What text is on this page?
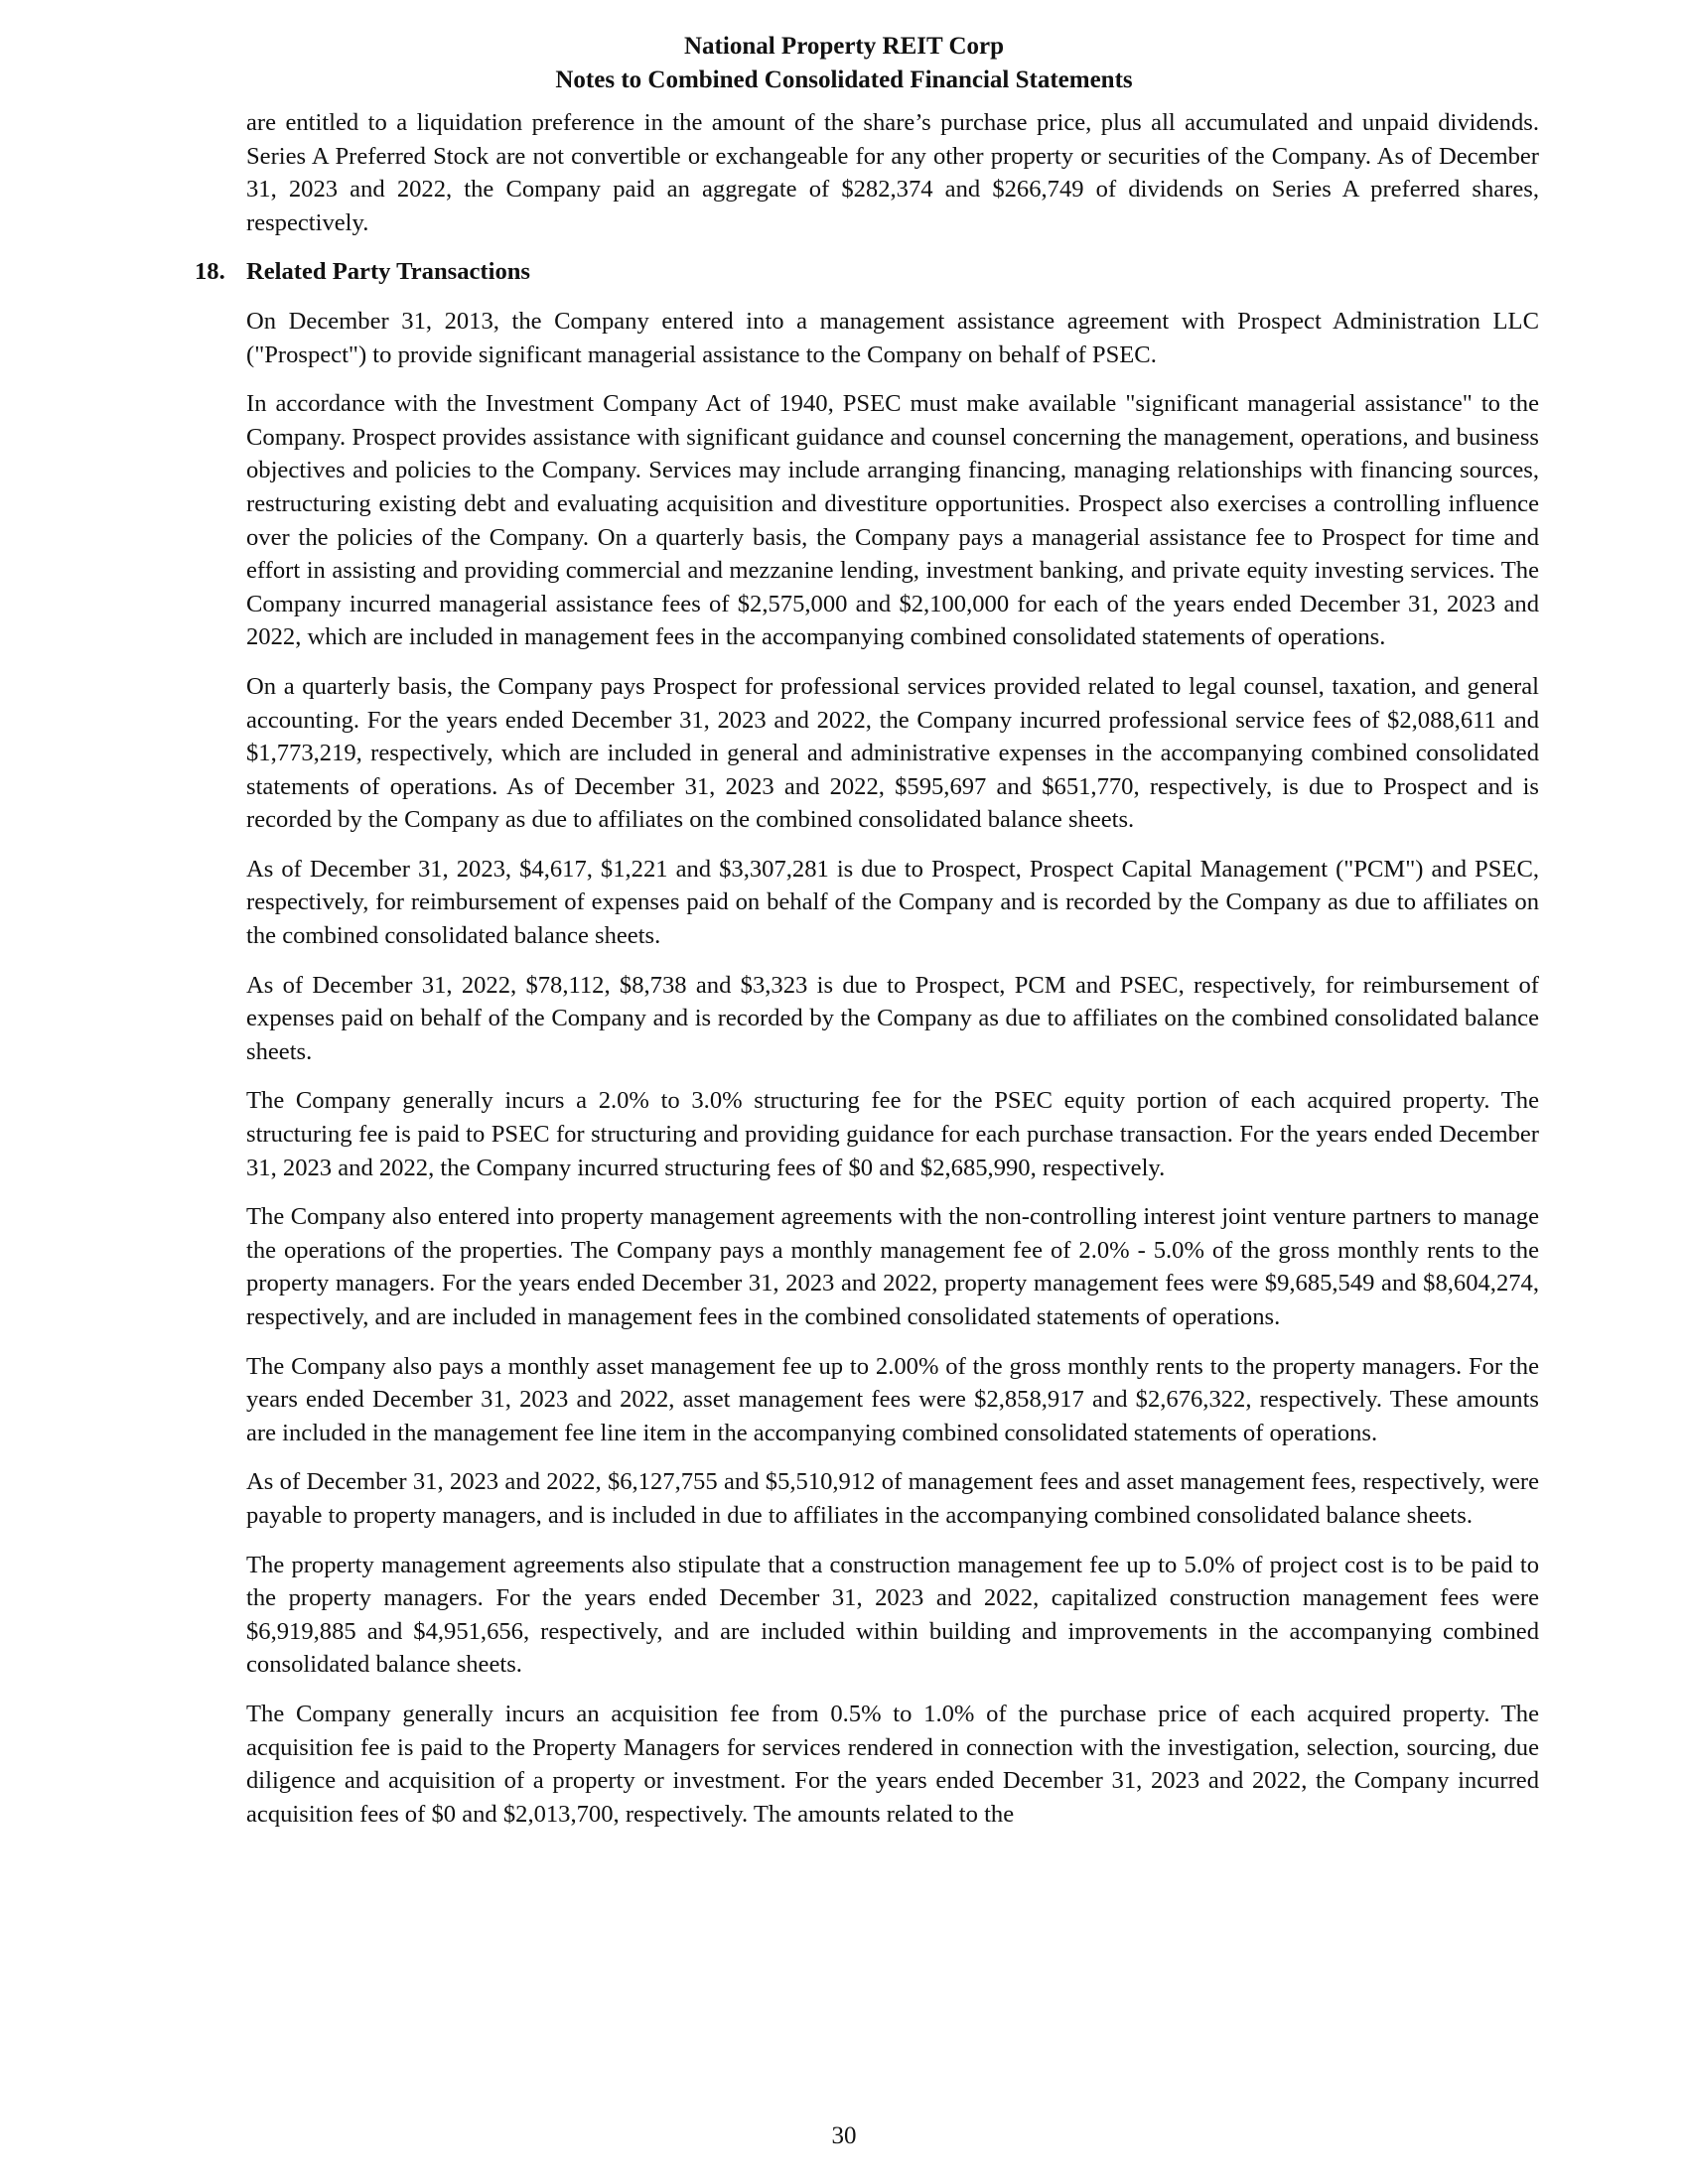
National Property REIT Corp
Notes to Combined Consolidated Financial Statements

are entitled to a liquidation preference in the amount of the share’s purchase price, plus all accumulated and unpaid dividends. Series A Preferred Stock are not convertible or exchangeable for any other property or securities of the Company. As of December 31, 2023 and 2022, the Company paid an aggregate of $282,374 and $266,749 of dividends on Series A preferred shares, respectively.

18. Related Party Transactions

On December 31, 2013, the Company entered into a management assistance agreement with Prospect Administration LLC ("Prospect") to provide significant managerial assistance to the Company on behalf of PSEC.

In accordance with the Investment Company Act of 1940, PSEC must make available "significant managerial assistance" to the Company. Prospect provides assistance with significant guidance and counsel concerning the management, operations, and business objectives and policies to the Company. Services may include arranging financing, managing relationships with financing sources, restructuring existing debt and evaluating acquisition and divestiture opportunities. Prospect also exercises a controlling influence over the policies of the Company. On a quarterly basis, the Company pays a managerial assistance fee to Prospect for time and effort in assisting and providing commercial and mezzanine lending, investment banking, and private equity investing services. The Company incurred managerial assistance fees of $2,575,000 and $2,100,000 for each of the years ended December 31, 2023 and 2022, which are included in management fees in the accompanying combined consolidated statements of operations.

On a quarterly basis, the Company pays Prospect for professional services provided related to legal counsel, taxation, and general accounting. For the years ended December 31, 2023 and 2022, the Company incurred professional service fees of $2,088,611 and $1,773,219, respectively, which are included in general and administrative expenses in the accompanying combined consolidated statements of operations. As of December 31, 2023 and 2022, $595,697 and $651,770, respectively, is due to Prospect and is recorded by the Company as due to affiliates on the combined consolidated balance sheets.

As of December 31, 2023, $4,617, $1,221 and $3,307,281 is due to Prospect, Prospect Capital Management ("PCM") and PSEC, respectively, for reimbursement of expenses paid on behalf of the Company and is recorded by the Company as due to affiliates on the combined consolidated balance sheets.

As of December 31, 2022, $78,112, $8,738 and $3,323 is due to Prospect, PCM and PSEC, respectively, for reimbursement of expenses paid on behalf of the Company and is recorded by the Company as due to affiliates on the combined consolidated balance sheets.

The Company generally incurs a 2.0% to 3.0% structuring fee for the PSEC equity portion of each acquired property. The structuring fee is paid to PSEC for structuring and providing guidance for each purchase transaction. For the years ended December 31, 2023 and 2022, the Company incurred structuring fees of $0 and $2,685,990, respectively.

The Company also entered into property management agreements with the non-controlling interest joint venture partners to manage the operations of the properties. The Company pays a monthly management fee of 2.0% - 5.0% of the gross monthly rents to the property managers. For the years ended December 31, 2023 and 2022, property management fees were $9,685,549 and $8,604,274, respectively, and are included in management fees in the combined consolidated statements of operations.

The Company also pays a monthly asset management fee up to 2.00% of the gross monthly rents to the property managers. For the years ended December 31, 2023 and 2022, asset management fees were $2,858,917 and $2,676,322, respectively. These amounts are included in the management fee line item in the accompanying combined consolidated statements of operations.

As of December 31, 2023 and 2022, $6,127,755 and $5,510,912 of management fees and asset management fees, respectively, were payable to property managers, and is included in due to affiliates in the accompanying combined consolidated balance sheets.

The property management agreements also stipulate that a construction management fee up to 5.0% of project cost is to be paid to the property managers. For the years ended December 31, 2023 and 2022, capitalized construction management fees were $6,919,885 and $4,951,656, respectively, and are included within building and improvements in the accompanying combined consolidated balance sheets.

The Company generally incurs an acquisition fee from 0.5% to 1.0% of the purchase price of each acquired property. The acquisition fee is paid to the Property Managers for services rendered in connection with the investigation, selection, sourcing, due diligence and acquisition of a property or investment. For the years ended December 31, 2023 and 2022, the Company incurred acquisition fees of $0 and $2,013,700, respectively. The amounts related to the

30
